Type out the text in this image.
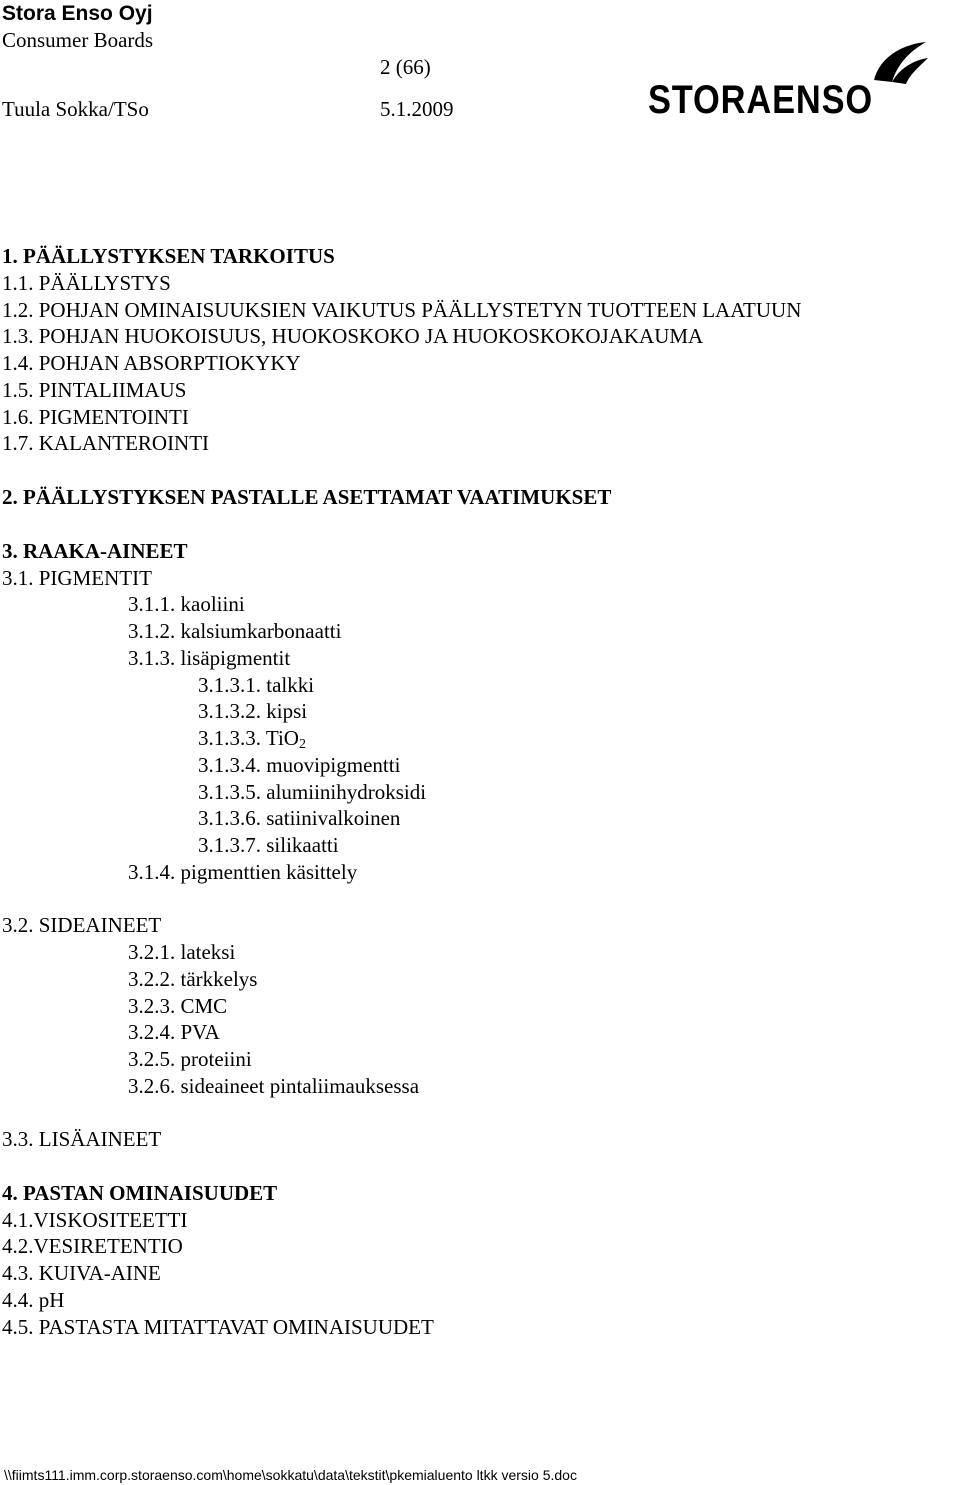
Stora Enso Oyj
Consumer Boards
2 (66)
Tuula Sokka/TSo	5.1.2009	STORAENSO
1. PÄÄLLYSTYKSEN TARKOITUS
1.1. PÄÄLLYSTYS
1.2. POHJAN OMINAISUUKSIEN VAIKUTUS PÄÄLLYSTETYN TUOTTEEN LAATUUN
1.3. POHJAN HUOKOISUUS, HUOKOSKOKO JA HUOKOSKOKOJAKAUMA
1.4. POHJAN ABSORPTIOKYKY
1.5. PINTALIIMAUS
1.6. PIGMENTOINTI
1.7. KALANTEROINTI
2. PÄÄLLYSTYKSEN PASTALLE ASETTAMAT VAATIMUKSET
3. RAAKA-AINEET
3.1. PIGMENTIT
3.1.1. kaoliini
3.1.2. kalsiumkarbonaatti
3.1.3. lisäpigmentit
3.1.3.1. talkki
3.1.3.2. kipsi
3.1.3.3. TiO$_2$
3.1.3.4. muovipigmentti
3.1.3.5. alumiinihydroksidi
3.1.3.6. satiinivalkoinen
3.1.3.7. silikaatti
3.1.4. pigmenttien käsittely
3.2. SIDEAINEET
3.2.1. lateksi
3.2.2. tärkkelys
3.2.3. CMC
3.2.4. PVA
3.2.5. proteiini
3.2.6. sideaineet pintaliimauksessa
3.3. LISÄAINEET
4. PASTAN OMINAISUUDET
4.1.VISKOSITEETTI
4.2.VESIRETENTIO
4.3. KUIVA-AINE
4.4. pH
4.5. PASTASTA MITATTAVAT OMINAISUUDET
\\fiimts111.imm.corp.storaenso.com\home\sokkatu\data\tekstit\pkemialuento ltkk versio 5.doc
